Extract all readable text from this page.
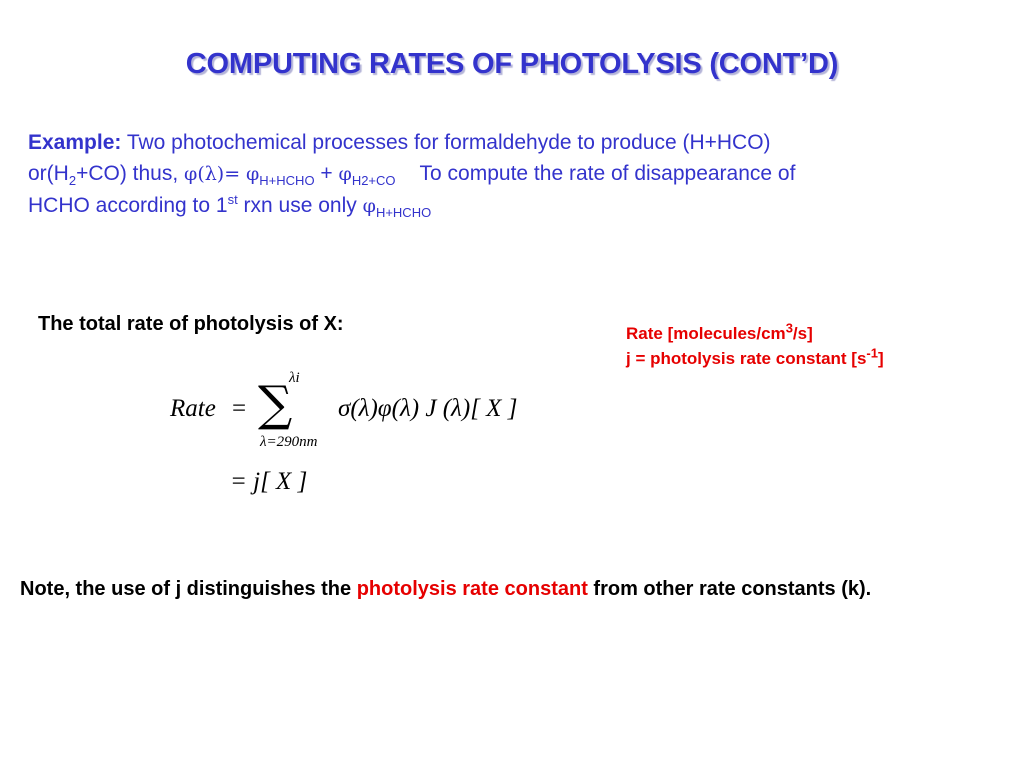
COMPUTING RATES OF PHOTOLYSIS (CONT’D)
Example: Two photochemical processes for formaldehyde to produce (H+HCO)
$or(H_2+CO)$ thus, $\varphi(\lambda)= \varphi_{H+HCHO} + \varphi_{H2+CO}$ To compute the rate of disappearance of
HCHO according to 1st rxn use only $\varphi_{H+HCHO}$
The total rate of photolysis of X:	Rate $[molecules/cm^3/s]$
j = photolysis rate constant $[s^{-1}]$
Rate =
λi
∑
λ=290nm
σ(λ)φ(λ) J (λ)[ X ]
= j[ X ]
Note, the use of j distinguishes the photolysis rate constant from other rate constants (k).
